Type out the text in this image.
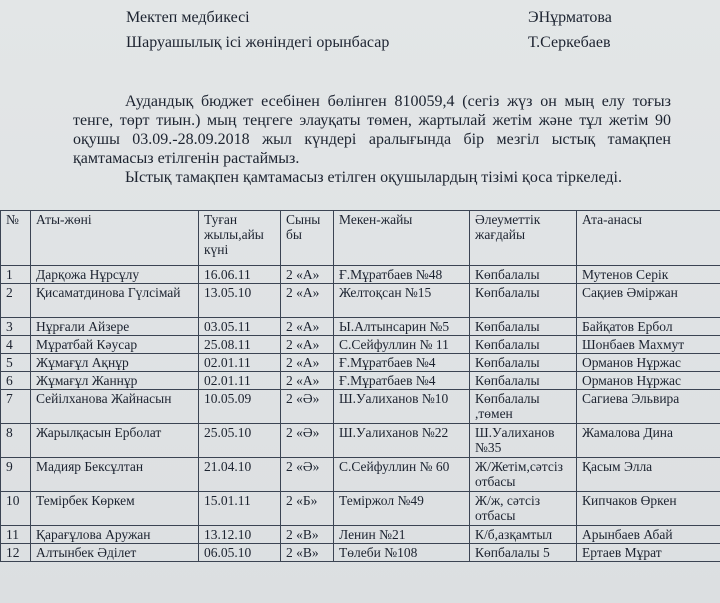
Мектеп медбикесі	ЭНұрматова
Шаруашылық ісі жөніндегі орынбасар	Т.Серкебаев

Аудандық бюджет есебінен бөлінген 810059,4 (сегіз жүз он мың елу тоғыз тенге, төрт тиын.) мың теңгеге элауқаты төмен, жартылай жетім және тұл жетім 90 оқушы 03.09.-28.09.2018 жыл күндері аралығында бір мезгіл ыстық тамақпен қамтамасыз етілгенін растаймыз.

Ыстық тамақпен қамтамасыз етілген оқушылардың тізімі қоса тіркеледі.

№	Аты-жөні	Туған жылы,айы күні	Сыны бы	Мекен-жайы	Әлеуметтік жағдайы	Ата-анасы
1	Дарқожа Нұрсұлу	16.06.11	2 «А»	Ғ.Мұратбаев №48	Көпбалалы	Мутенов Серік
2	Қисаматдинова Гүлсімай	13.05.10	2 «А»	Желтоқсан №15	Көпбалалы	Сақиев Әміржан
3	Нұрғали Айзере	03.05.11	2 «А»	Ы.Алтынсарин №5	Көпбалалы	Байқатов Ербол
4	Мұратбай Кәусар	25.08.11	2 «А»	С.Сейфуллин № 11	Көпбалалы	Шонбаев Махмут
5	Жұмағұл Ақнұр	02.01.11	2 «А»	Ғ.Мұратбаев №4	Көпбалалы	Орманов Нұржас
6	Жұмағұл Жаннұр	02.01.11	2 «А»	Ғ.Мұратбаев №4	Көпбалалы	Орманов Нұржас
7	Сейілханова Жайнасын	10.05.09	2 «Ә»	Ш.Уалиханов №10	Көпбалалы ,төмен	Сагиева Эльвира
8	Жарылқасын Ерболат	25.05.10	2 «Ә»	Ш.Уалиханов №22	Ш.Уалиханов №35	Жамалова Дина
9	Мадияр Бексұлтан	21.04.10	2 «Ә»	С.Сейфуллин № 60	Ж/Жетім,сәтсіз отбасы	Қасым Элла
10	Темірбек Көркем	15.01.11	2 «Б»	Теміржол №49	Ж/ж, сәтсіз отбасы	Кипчаков Өркен
11	Қарағұлова Аружан	13.12.10	2 «В»	Ленин №21	К/б,азқамтыл	Арынбаев Абай
12	Алтынбек Әділет	06.05.10	2 «В»	Төлеби №108	Көпбалалы 5	Ертаев Мұрат
